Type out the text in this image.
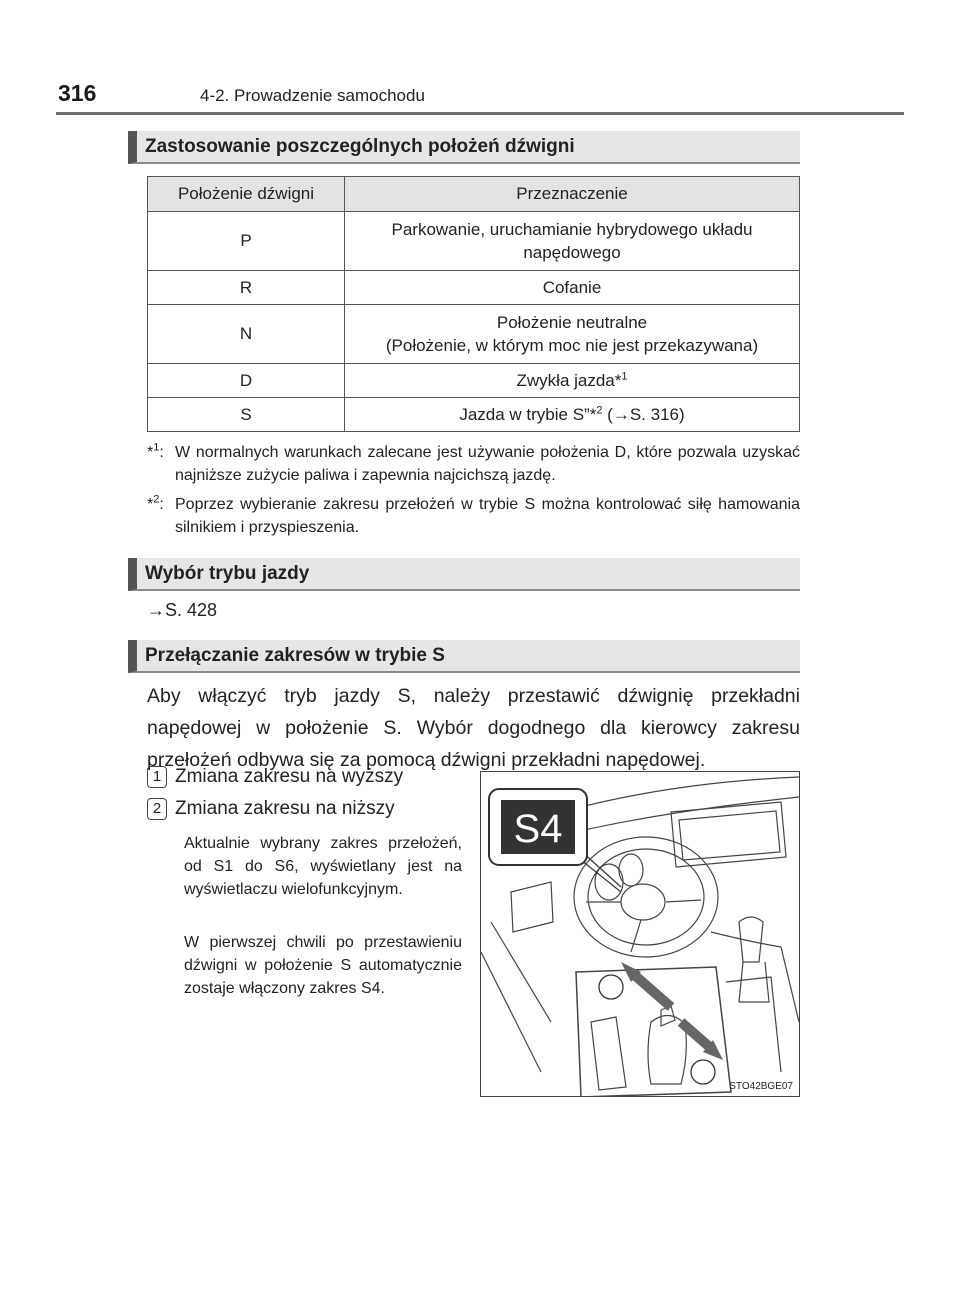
316	4-2. Prowadzenie samochodu
Zastosowanie poszczególnych położeń dźwigni
Położenie dźwigni	Przeznaczenie
P	Parkowanie, uruchamianie hybrydowego układu
napędowego
R	Cofanie
N	Położenie neutralne
(Położenie, w którym moc nie jest przekazywana)
D	Zwykła jazda*$^1$
S	Jazda w trybie S”*$^2$ (→S. 316)
*$^1$: W normalnych warunkach zalecane jest używanie położenia D, które pozwala uzyskać najniższe zużycie paliwa i zapewnia najcichszą jazdę.
*$^2$: Poprzez wybieranie zakresu przełożeń w trybie S można kontrolować siłę hamowania silnikiem i przyspieszenia.
Wybór trybu jazdy
→S. 428
Przełączanie zakresów w trybie S
Aby włączyć tryb jazdy S, należy przestawić dźwignię przekładni napędowej w położenie S. Wybór dogodnego dla kierowcy zakresu przełożeń odbywa się za pomocą dźwigni przekładni napędowej.
1 Zmiana zakresu na wyższy
2 Zmiana zakresu na niższy
Aktualnie wybrany zakres przełożeń, od S1 do S6, wyświetlany jest na wyświetlaczu wielofunkcyjnym.
W pierwszej chwili po przestawieniu dźwigni w położenie S automatycznie zostaje włączony zakres S4.
S4
STO42BGE07
